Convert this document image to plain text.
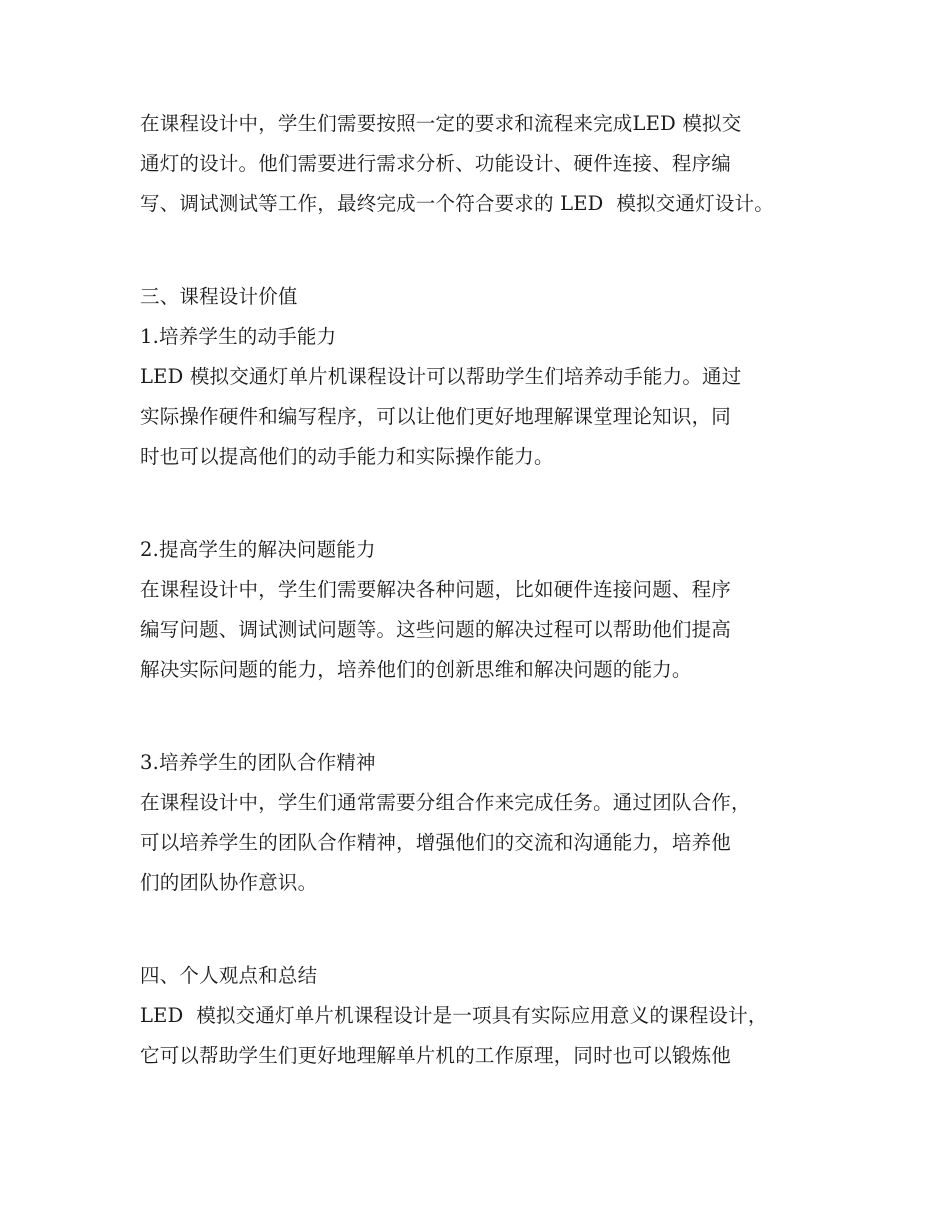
在课程设计中，学生们需要按照一定的要求和流程来完成LED 模拟交
通灯的设计。他们需要进行需求分析、功能设计、硬件连接、程序编
写、调试测试等工作，最终完成一个符合要求的 LED  模拟交通灯设计。
三、课程设计价值
1.培养学生的动手能力
LED 模拟交通灯单片机课程设计可以帮助学生们培养动手能力。通过
实际操作硬件和编写程序，可以让他们更好地理解课堂理论知识，同
时也可以提高他们的动手能力和实际操作能力。
2.提高学生的解决问题能力
在课程设计中，学生们需要解决各种问题，比如硬件连接问题、程序
编写问题、调试测试问题等。这些问题的解决过程可以帮助他们提高
解决实际问题的能力，培养他们的创新思维和解决问题的能力。
3.培养学生的团队合作精神
在课程设计中，学生们通常需要分组合作来完成任务。通过团队合作，
可以培养学生的团队合作精神，增强他们的交流和沟通能力，培养他
们的团队协作意识。
四、个人观点和总结
LED  模拟交通灯单片机课程设计是一项具有实际应用意义的课程设计，
它可以帮助学生们更好地理解单片机的工作原理，同时也可以锻炼他
